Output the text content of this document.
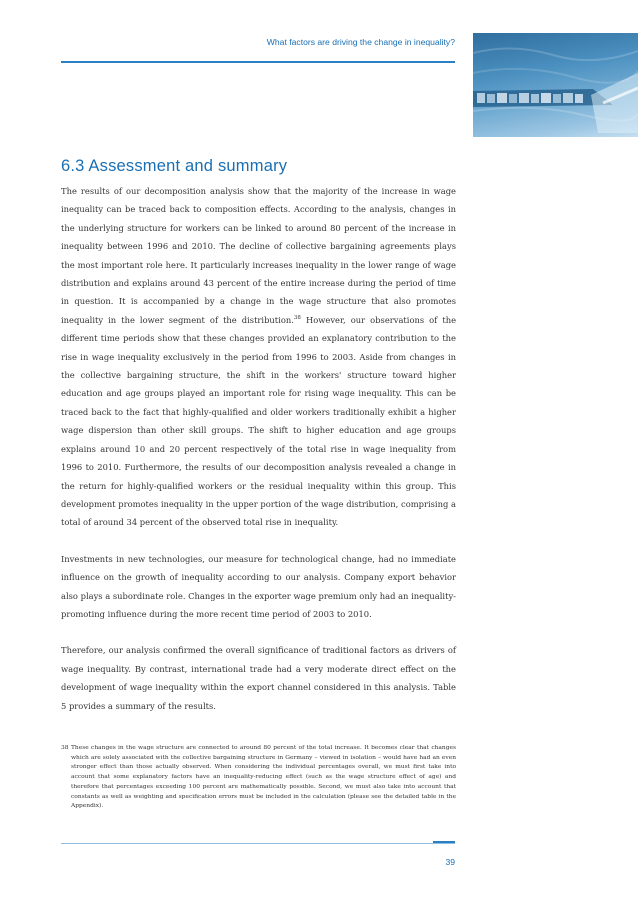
What factors are driving the change in inequality?
6.3 Assessment and summary

The results of our decomposition analysis show that the majority of the increase in wage inequality can be traced back to composition effects. According to the analysis, changes in the underlying structure for workers can be linked to around 80 percent of the increase in inequality between 1996 and 2010. The decline of collective bargaining agreements plays the most important role here. It particularly increases inequality in the lower range of wage distribution and explains around 43 percent of the entire increase during the period of time in question. It is accompanied by a change in the wage structure that also promotes inequality in the lower segment of the distribution.$^{38}$ However, our observations of the different time periods show that these changes provided an explanatory contribution to the rise in wage inequality exclusively in the period from 1996 to 2003. Aside from changes in the collective bargaining structure, the shift in the workers' structure toward higher education and age groups played an important role for rising wage inequality. This can be traced back to the fact that highly-qualified and older workers traditionally exhibit a higher wage dispersion than other skill groups. The shift to higher education and age groups explains around 10 and 20 percent respectively of the total rise in wage inequality from 1996 to 2010. Furthermore, the results of our decomposition analysis revealed a change in the return for highly-qualified workers or the residual inequality within this group. This development promotes inequality in the upper portion of the wage distribution, comprising a total of around 34 percent of the observed total rise in inequality.

Investments in new technologies, our measure for technological change, had no immediate influence on the growth of inequality according to our analysis. Company export behavior also plays a subordinate role. Changes in the exporter wage premium only had an inequality-promoting influence during the more recent time period of 2003 to 2010.

Therefore, our analysis confirmed the overall significance of traditional factors as drivers of wage inequality. By contrast, international trade had a very moderate direct effect on the development of wage inequality within the export channel considered in this analysis. Table 5 provides a summary of the results.

38 These changes in the wage structure are connected to around 80 percent of the total increase. It becomes clear that changes which are solely associated with the collective bargaining structure in Germany – viewed in isolation – would have had an even stronger effect than those actually observed. When considering the individual percentages overall, we must first take into account that some explanatory factors have an inequality-reducing effect (such as the wage structure effect of age) and therefore that percentages exceeding 100 percent are mathematically possible. Second, we must also take into account that constants as well as weighting and specification errors must be included in the calculation (please see the detailed table in the Appendix).
39
